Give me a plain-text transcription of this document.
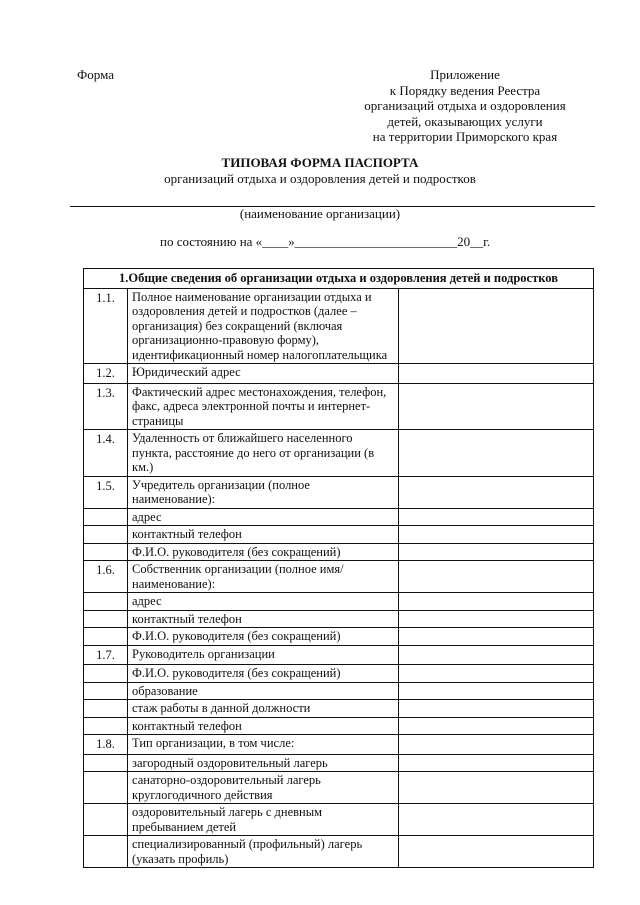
Форма	Приложение
к Порядку ведения Реестра
организаций отдыха и оздоровления
детей, оказывающих услуги
на территории Приморского края
ТИПОВАЯ ФОРМА ПАСПОРТА
организаций отдыха и оздоровления детей и подростков
(наименование организации)
по состоянию на «____»_________________________20__г.
1.Общие сведения об организации отдыха и оздоровления детей и подростков		
1.1.	Полное наименование организации отдыха и оздоровления детей и подростков (далее – организация) без сокращений (включая организационно-правовую форму), идентификационный номер налогоплательщика	
1.2.	Юридический адрес	
1.3.	Фактический адрес местонахождения, телефон, факс, адреса электронной почты и интернет-страницы	
1.4.	Удаленность от ближайшего населенного пункта, расстояние до него от организации (в км.)	
1.5.	Учредитель организации (полное наименование):	
	адрес	
	контактный телефон	
	Ф.И.О. руководителя (без сокращений)	
1.6.	Собственник организации (полное имя/наименование):	
	адрес	
	контактный телефон	
	Ф.И.О. руководителя (без сокращений)	
1.7.	Руководитель организации	
	Ф.И.О. руководителя (без сокращений)	
	образование	
	стаж работы в данной должности	
	контактный телефон	
1.8.	Тип организации, в том числе:	
	загородный оздоровительный лагерь	
	санаторно-оздоровительный лагерь круглогодичного действия	
	оздоровительный лагерь с дневным пребыванием детей	
	специализированный (профильный) лагерь (указать профиль)	
